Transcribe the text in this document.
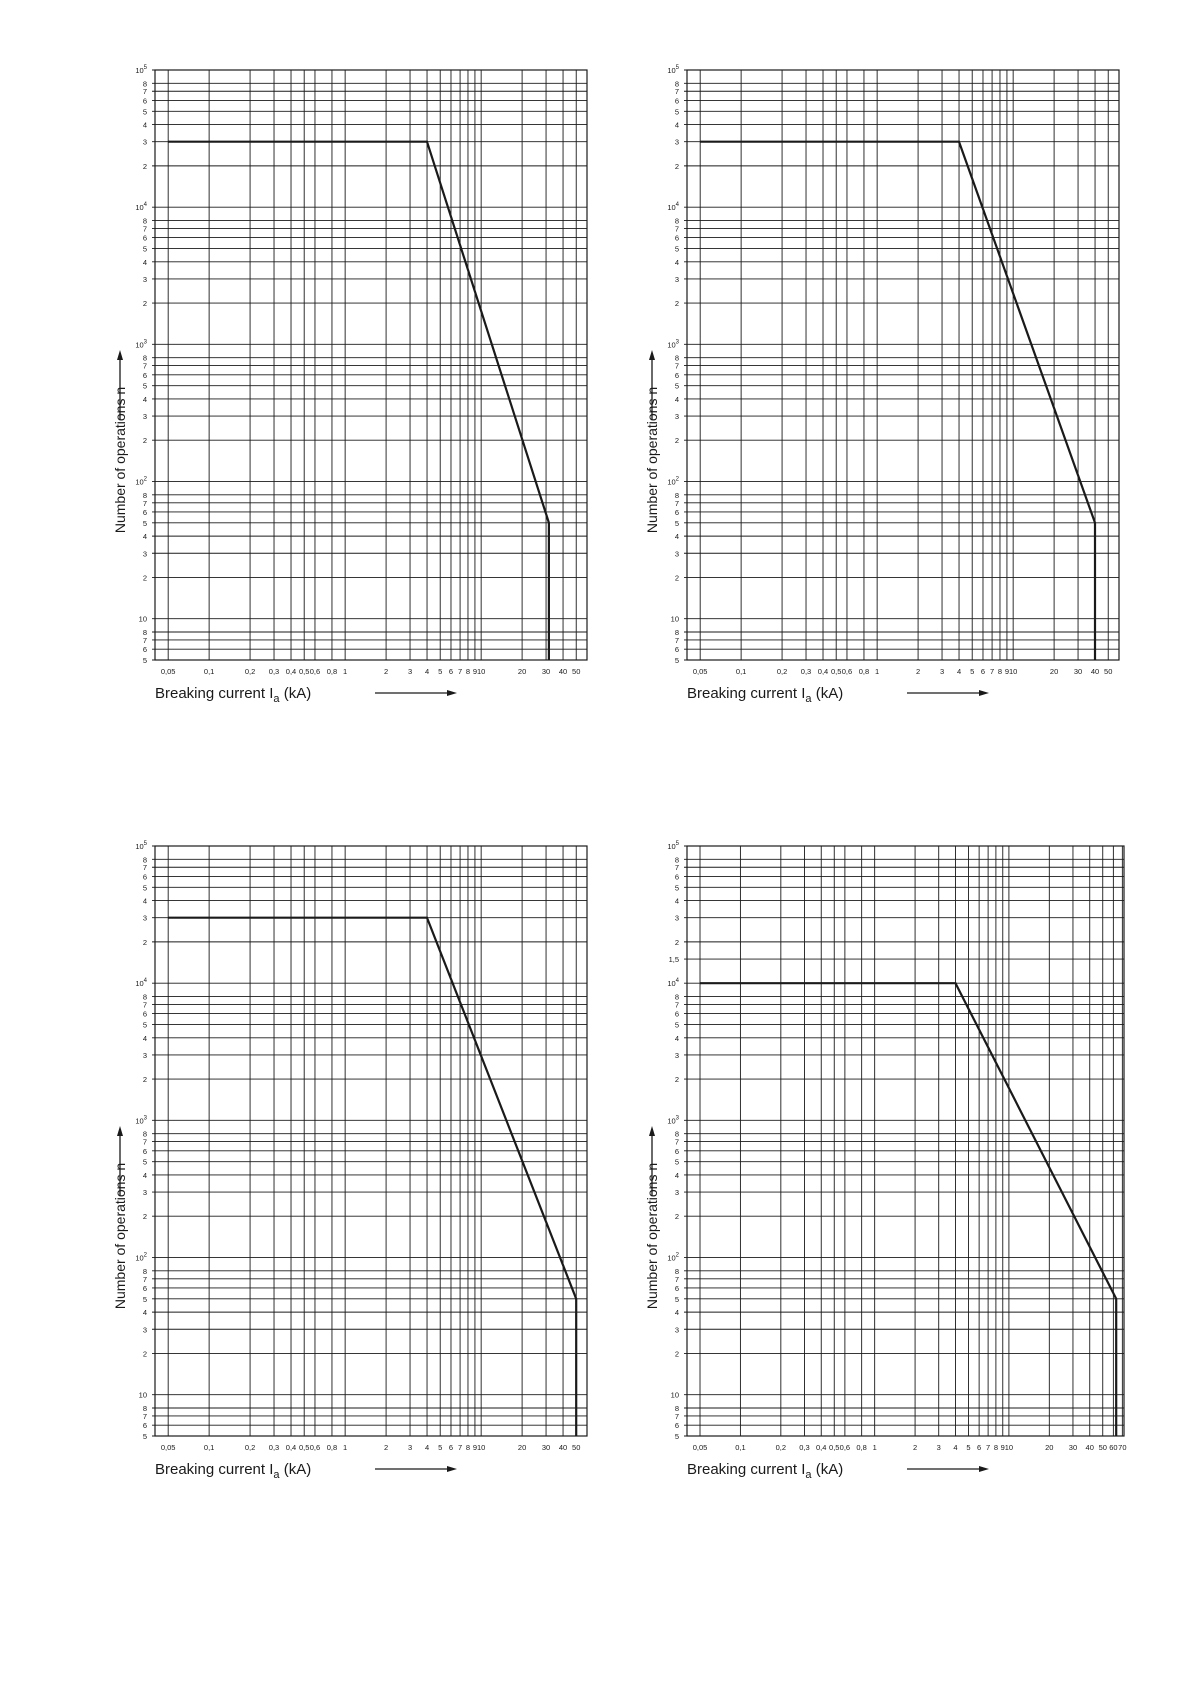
0,05	0,1	0,2 0,3 0,4 0,5 0,6 0,8 1	2	3 4 5 6 7 8 9 10	20 30 40 50
5
6
7
8
10
2
3
4
5
6
7
8
$10^2$
2
3
4
5
6
7
8
$10^3$
2
3
4
5
6
7
8
$10^4$
2
3
4
5
6
7
8
$10^5$
Breaking current $I_a$ (kA)
Number of operations n
0,05	0,1	0,2 0,3 0,4 0,5 0,6 0,8 1	2	3 4 5 6 7 8 9 10	20 30 40 50
5
6
7
8
10
2
3
4
5
6
7
8
$10^2$
2
3
4
5
6
7
8
$10^3$
2
3
4
5
6
7
8
$10^4$
2
3
4
5
6
7
8
$10^5$
Breaking current $I_a$ (kA)
Number of operations n
0,05	0,1	0,2 0,3 0,4 0,5 0,6 0,8 1	2	3 4 5 6 7 8 9 10	20 30 40 50
5
6
7
8
10
2
3
4
5
6
7
8
$10^2$
2
3
4
5
6
7
8
$10^3$
2
3
4
5
6
7
8
$10^4$
2
3
4
5
6
7
8
$10^5$
Breaking current $I_a$ (kA)
Number of operations n
0,05	0,1	0,2 0,3 0,4 0,5 0,6 0,8 1	2	3 4 5 6 7 8 9 10	20 30 40 50 60 70
5
6
7
8
10
2
3
4
5
6
7
8
$10^2$
2
3
4
5
6
7
8
$10^3$
2
3
4
5
6
7
8
$10^4$
1,5
2
3
4
5
6
7
8
$10^5$
Breaking current $I_a$ (kA)
Number of operations n
